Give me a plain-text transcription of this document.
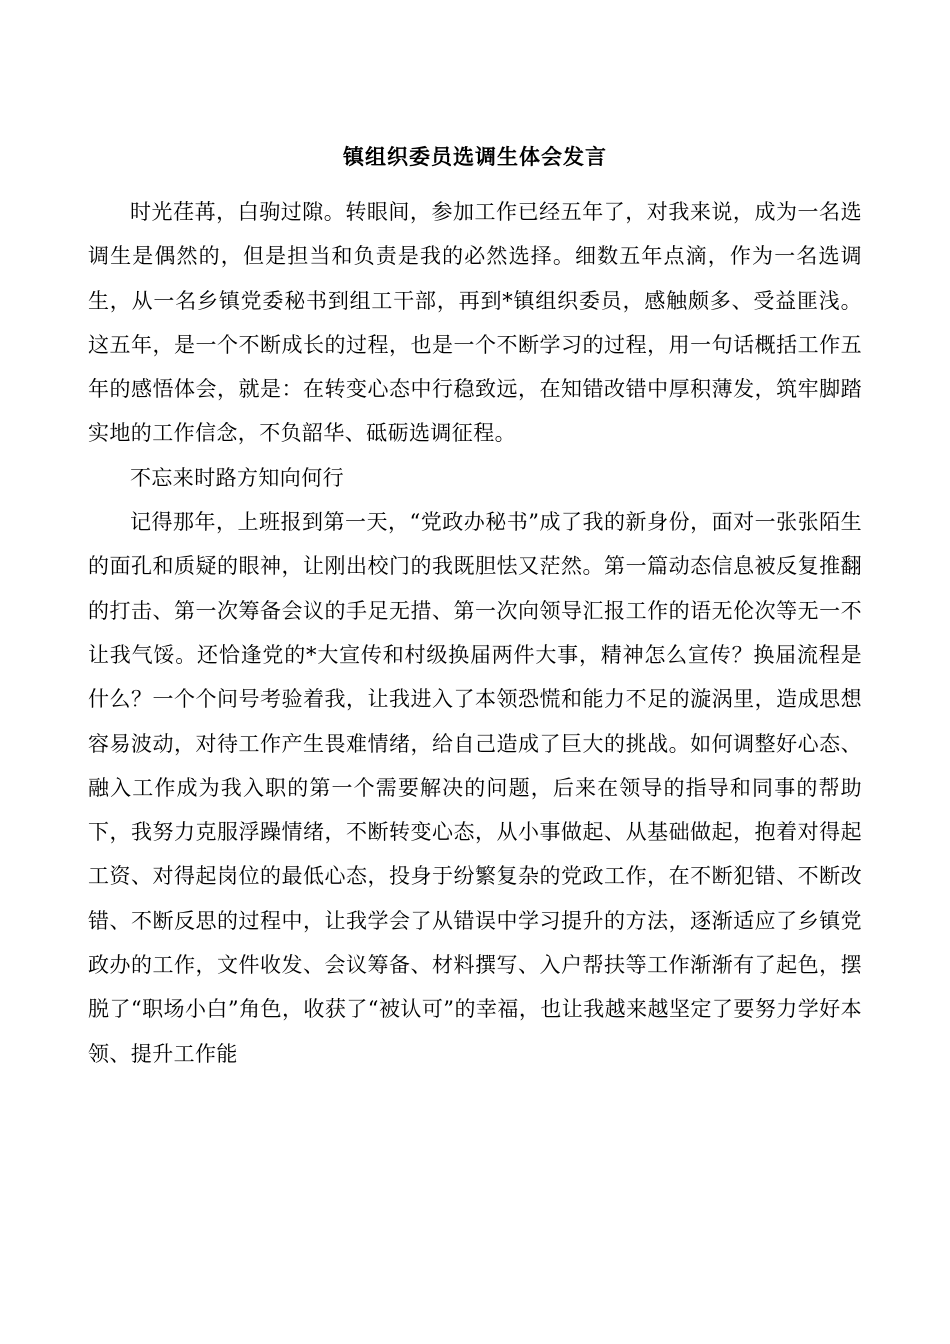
镇组织委员选调生体会发言

时光荏苒，白驹过隙。转眼间，参加工作已经五年了，对我来说，成为一名选调生是偶然的，但是担当和负责是我的必然选择。细数五年点滴，作为一名选调生，从一名乡镇党委秘书到组工干部，再到*镇组织委员，感触颇多、受益匪浅。这五年，是一个不断成长的过程，也是一个不断学习的过程，用一句话概括工作五年的感悟体会，就是：在转变心态中行稳致远，在知错改错中厚积薄发，筑牢脚踏实地的工作信念，不负韶华、砥砺选调征程。

不忘来时路方知向何行

记得那年，上班报到第一天，“党政办秘书”成了我的新身份，面对一张张陌生的面孔和质疑的眼神，让刚出校门的我既胆怯又茫然。第一篇动态信息被反复推翻的打击、第一次筹备会议的手足无措、第一次向领导汇报工作的语无伦次等无一不让我气馁。还恰逢党的*大宣传和村级换届两件大事，精神怎么宣传？换届流程是什么？一个个问号考验着我，让我进入了本领恐慌和能力不足的漩涡里，造成思想容易波动，对待工作产生畏难情绪，给自己造成了巨大的挑战。如何调整好心态、融入工作成为我入职的第一个需要解决的问题，后来在领导的指导和同事的帮助下，我努力克服浮躁情绪，不断转变心态，从小事做起、从基础做起，抱着对得起工资、对得起岗位的最低心态，投身于纷繁复杂的党政工作，在不断犯错、不断改错、不断反思的过程中，让我学会了从错误中学习提升的方法，逐渐适应了乡镇党政办的工作，文件收发、会议筹备、材料撰写、入户帮扶等工作渐渐有了起色，摆脱了“职场小白”角色，收获了“被认可”的幸福，也让我越来越坚定了要努力学好本领、提升工作能
